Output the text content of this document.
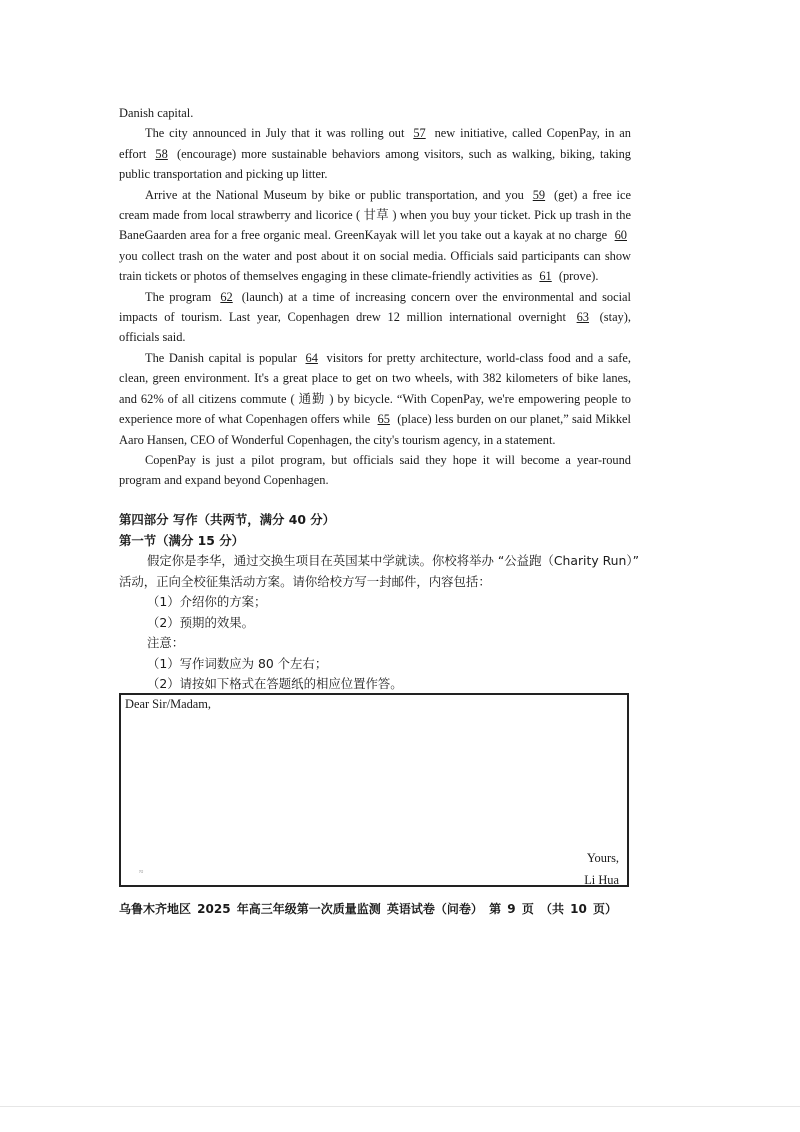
Danish capital.

The city announced in July that it was rolling out 57 new initiative, called CopenPay, in an effort 58 (encourage) more sustainable behaviors among visitors, such as walking, biking, taking public transportation and picking up litter.

Arrive at the National Museum by bike or public transportation, and you 59 (get) a free ice cream made from local strawberry and licorice ( 甘草 ) when you buy your ticket. Pick up trash in the BaneGaarden area for a free organic meal. GreenKayak will let you take out a kayak at no charge 60 you collect trash on the water and post about it on social media. Officials said participants can show train tickets or photos of themselves engaging in these climate-friendly activities as 61 (prove).

The program 62 (launch) at a time of increasing concern over the environmental and social impacts of tourism. Last year, Copenhagen drew 12 million international overnight 63 (stay), officials said.

The Danish capital is popular 64 visitors for pretty architecture, world-class food and a safe, clean, green environment. It's a great place to get on two wheels, with 382 kilometers of bike lanes, and 62% of all citizens commute ( 通勤 ) by bicycle. “With CopenPay, we're empowering people to experience more of what Copenhagen offers while 65 (place) less burden on our planet,” said Mikkel Aaro Hansen, CEO of Wonderful Copenhagen, the city's tourism agency, in a statement.

CopenPay is just a pilot program, but officials said they hope it will become a year-round program and expand beyond Copenhagen.

第四部分 写作（共两节，满分 40 分）

第一节（满分 15 分）

假定你是李华，通过交换生项目在英国某中学就读。你校将举办 “公益跑（Charity Run）” 活动，正向全校征集活动方案。请你给校方写一封邮件，内容包括：

（1）介绍你的方案；

（2）预期的效果。

注意：

（1）写作词数应为 80 个左右；

（2）请按如下格式在答题纸的相应位置作答。

Dear Sir/Madam,
≈
Yours,
Li Hua
乌鲁木齐地区 2025 年高三年级第一次质量监测 英语试卷（问卷） 第 9 页 （共 10 页）
